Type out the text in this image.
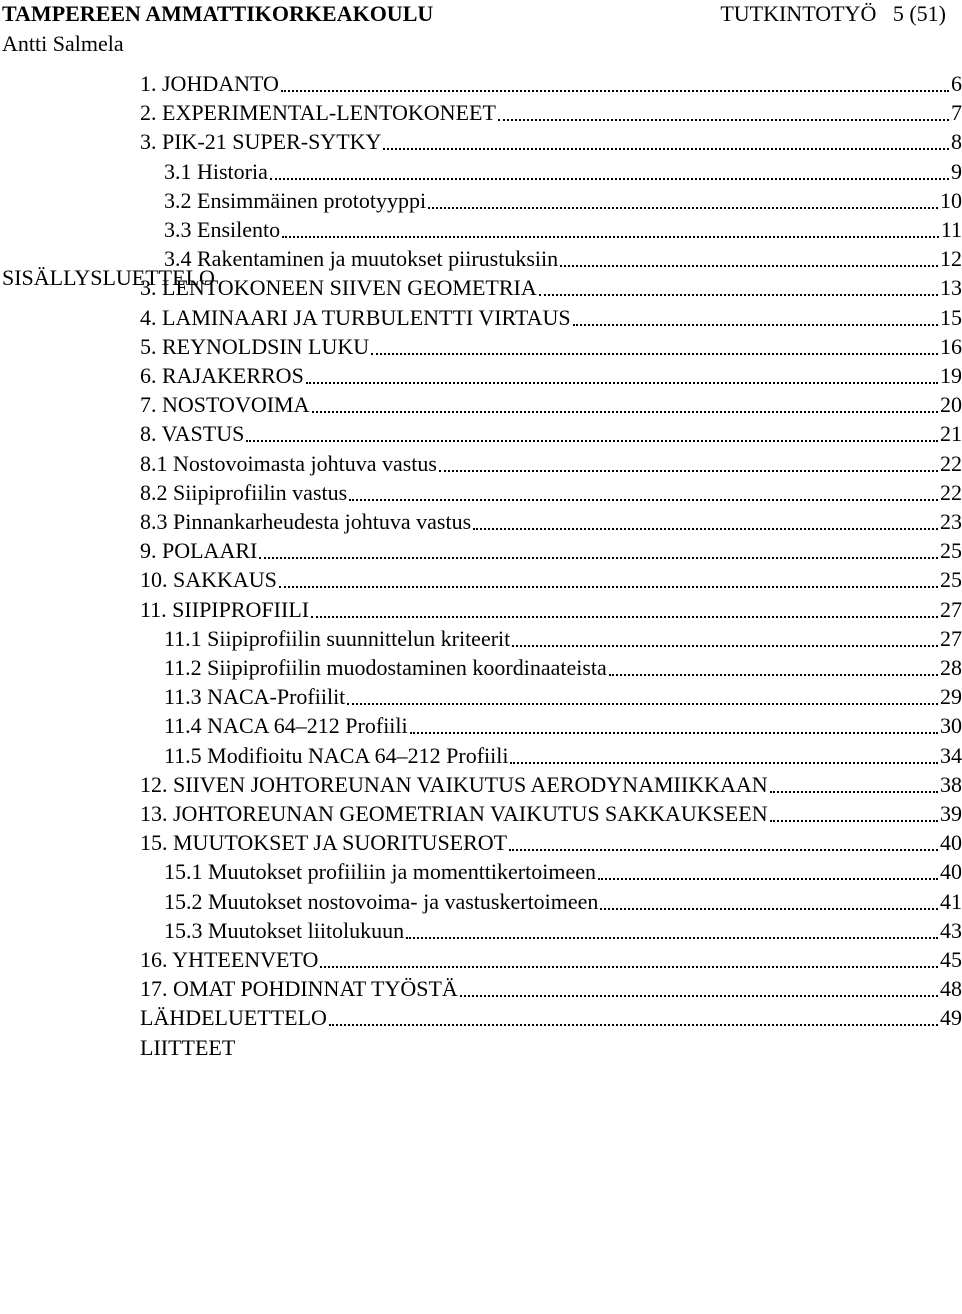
TAMPEREEN AMMATTIKORKEAKOULU
Antti Salmela
TUTKINTOTYÖ 5 (51)
SISÄLLYSLUETTELO
1. JOHDANTO	6
2. EXPERIMENTAL-LENTOKONEET	7
3. PIK-21 SUPER-SYTKY	8
3.1 Historia	9
3.2 Ensimmäinen prototyyppi	10
3.3 Ensilento	11
3.4 Rakentaminen ja muutokset piirustuksiin	12
3. LENTOKONEEN SIIVEN GEOMETRIA	13
4. LAMINAARI JA TURBULENTTI VIRTAUS	15
5. REYNOLDSIN LUKU	16
6. RAJAKERROS	19
7. NOSTOVOIMA	20
8. VASTUS	21
8.1 Nostovoimasta johtuva vastus	22
8.2 Siipiprofiilin vastus	22
8.3 Pinnankarheudesta johtuva vastus	23
9. POLAARI	25
10. SAKKAUS	25
11. SIIPIPROFIILI	27
11.1 Siipiprofiilin suunnittelun kriteerit	27
11.2 Siipiprofiilin muodostaminen koordinaateista	28
11.3 NACA-Profiilit	29
11.4 NACA 64–212 Profiili	30
11.5 Modifioitu NACA 64–212 Profiili	34
12. SIIVEN JOHTOREUNAN VAIKUTUS AERODYNAMIIKKAAN	38
13. JOHTOREUNAN GEOMETRIAN VAIKUTUS SAKKAUKSEEN	39
15. MUUTOKSET JA SUORITUSEROT	40
15.1 Muutokset profiiliin ja momenttikertoimeen	40
15.2 Muutokset nostovoima- ja vastuskertoimeen	41
15.3 Muutokset liitolukuun	43
16. YHTEENVETO	45
17. OMAT POHDINNAT TYÖSTÄ	48
LÄHDELUETTELO	49
LIITTEET
